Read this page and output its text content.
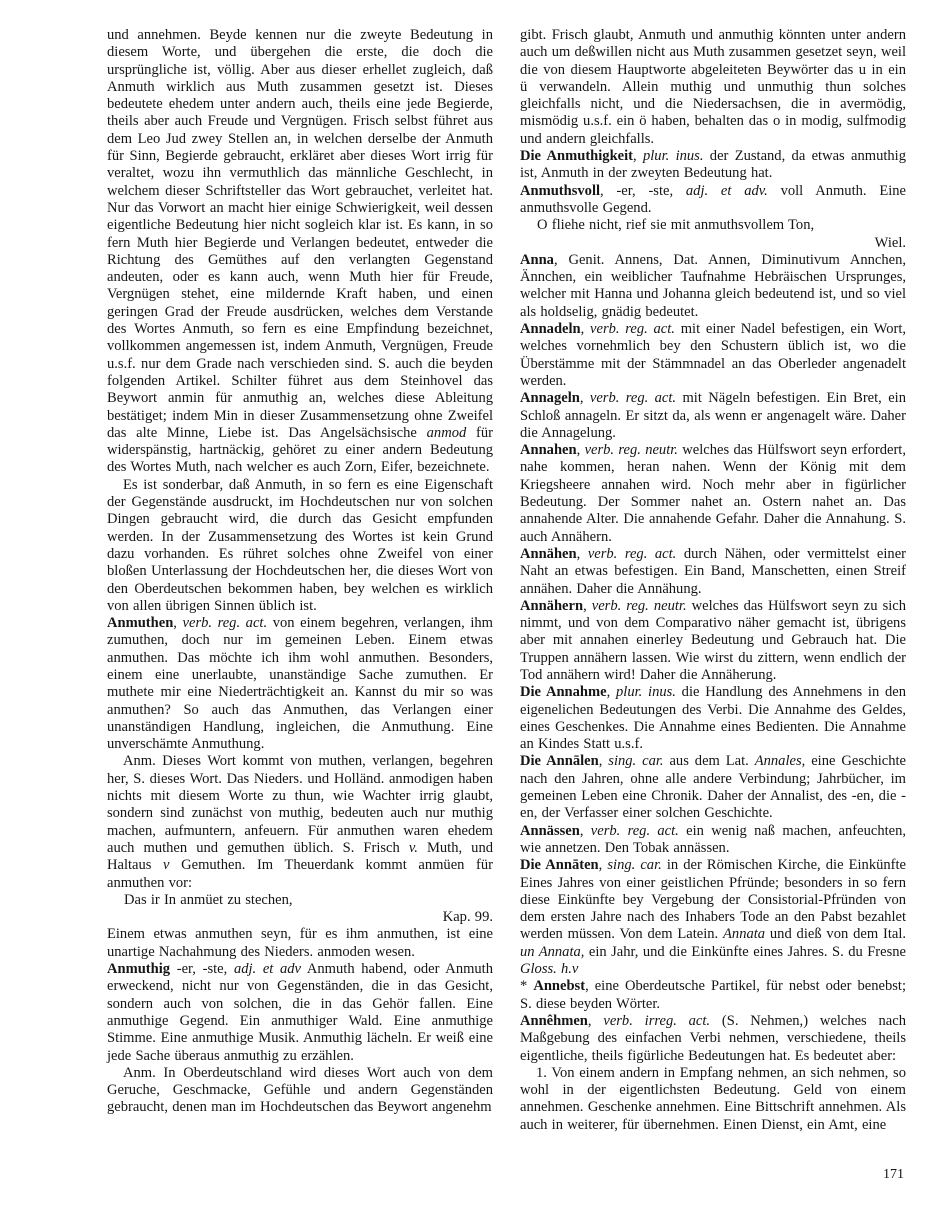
und annehmen. Beyde kennen nur die zweyte Bedeutung in diesem Worte, und übergehen die erste, die doch die ursprüngliche ist, völlig. Aber aus dieser erhellet zugleich, daß Anmuth wirklich aus Muth zusammen gesetzt ist. Dieses bedeutete ehedem unter andern auch, theils eine jede Begierde, theils aber auch Freude und Vergnügen. Frisch selbst führet aus dem Leo Jud zwey Stellen an, in welchen derselbe der Anmuth für Sinn, Begierde gebraucht, erkläret aber dieses Wort irrig für veraltet, wozu ihn vermuthlich das männliche Geschlecht, in welchem dieser Schriftsteller das Wort gebrauchet, verleitet hat. Nur das Vorwort an macht hier einige Schwierigkeit, weil dessen eigentliche Bedeutung hier nicht sogleich klar ist. Es kann, in so fern Muth hier Begierde und Verlangen bedeutet, entweder die Richtung des Gemüthes auf den verlangten Gegenstand andeuten, oder es kann auch, wenn Muth hier für Freude, Vergnügen stehet, eine mildernde Kraft haben, und einen geringen Grad der Freude ausdrücken, welches dem Verstande des Wortes Anmuth, so fern es eine Empfindung bezeichnet, vollkommen angemessen ist, indem Anmuth, Vergnügen, Freude u.s.f. nur dem Grade nach verschieden sind. S. auch die beyden folgenden Artikel. Schilter führet aus dem Steinhovel das Beywort anmin für anmuthig an, welches diese Ableitung bestätiget; indem Min in dieser Zusammensetzung ohne Zweifel das alte Minne, Liebe ist. Das Angelsächsische anmod für widerspänstig, hartnäckig, gehöret zu einer andern Bedeutung des Wortes Muth, nach welcher es auch Zorn, Eifer, bezeichnete.

Es ist sonderbar, daß Anmuth, in so fern es eine Eigenschaft der Gegenstände ausdruckt, im Hochdeutschen nur von solchen Dingen gebraucht wird, die durch das Gesicht empfunden werden. In der Zusammensetzung des Wortes ist kein Grund dazu vorhanden. Es rühret solches ohne Zweifel von einer bloßen Unterlassung der Hochdeutschen her, die dieses Wort von den Oberdeutschen bekommen haben, bey welchen es wirklich von allen übrigen Sinnen üblich ist.

Anmuthen, verb. reg. act. von einem begehren, verlangen, ihm zumuthen, doch nur im gemeinen Leben. Einem etwas anmuthen. Das möchte ich ihm wohl anmuthen. Besonders, einem eine unerlaubte, unanständige Sache zumuthen. Er muthete mir eine Niederträchtigkeit an. Kannst du mir so was anmuthen? So auch das Anmuthen, das Verlangen einer unanständigen Handlung, ingleichen, die Anmuthung. Eine unverschämte Anmuthung.

Anm. Dieses Wort kommt von muthen, verlangen, begehren her, S. dieses Wort. Das Nieders. und Holländ. anmodigen haben nichts mit diesem Worte zu thun, wie Wachter irrig glaubt, sondern sind zunächst von muthig, bedeuten auch nur muthig machen, aufmuntern, anfeuern. Für anmuthen waren ehedem auch muthen und gemuthen üblich. S. Frisch v. Muth, und Haltaus v Gemuthen. Im Theuerdank kommt anmüen für anmuthen vor:

Das ir In anmüet zu stechen,

Kap. 99.

Einem etwas anmuthen seyn, für es ihm anmuthen, ist eine unartige Nachahmung des Nieders. anmoden wesen.

Anmuthig -er, -ste, adj. et adv Anmuth habend, oder Anmuth erweckend, nicht nur von Gegenständen, die in das Gesicht, sondern auch von solchen, die in das Gehör fallen. Eine anmuthige Gegend. Ein anmuthiger Wald. Eine anmuthige Stimme. Eine anmuthige Musik. Anmuthig lächeln. Er weiß eine jede Sache überaus anmuthig zu erzählen.

Anm. In Oberdeutschland wird dieses Wort auch von dem Geruche, Geschmacke, Gefühle und andern Gegenständen gebraucht, denen man im Hochdeutschen das Beywort angenehm

gibt. Frisch glaubt, Anmuth und anmuthig könnten unter andern auch um deßwillen nicht aus Muth zusammen gesetzet seyn, weil die von diesem Hauptworte abgeleiteten Beywörter das u in ein ü verwandeln. Allein muthig und unmuthig thun solches gleichfalls nicht, und die Niedersachsen, die in avermödig, mismödig u.s.f. ein ö haben, behalten das o in modig, sulfmodig und andern gleichfalls.

Die Anmuthigkeit, plur. inus. der Zustand, da etwas anmuthig ist, Anmuth in der zweyten Bedeutung hat.

Anmuthsvoll, -er, -ste, adj. et adv. voll Anmuth. Eine anmuthsvolle Gegend.

O fliehe nicht, rief sie mit anmuthsvollem Ton,

Wiel.

Anna, Genit. Annens, Dat. Annen, Diminutivum Annchen, Ännchen, ein weiblicher Taufnahme Hebräischen Ursprunges, welcher mit Hanna und Johanna gleich bedeutend ist, und so viel als holdselig, gnädig bedeutet.

Annadeln, verb. reg. act. mit einer Nadel befestigen, ein Wort, welches vornehmlich bey den Schustern üblich ist, wo die Überstämme mit der Stämmnadel an das Oberleder angenadelt werden.

Annageln, verb. reg. act. mit Nägeln befestigen. Ein Bret, ein Schloß annageln. Er sitzt da, als wenn er angenagelt wäre. Daher die Annagelung.

Annahen, verb. reg. neutr. welches das Hülfswort seyn erfordert, nahe kommen, heran nahen. Wenn der König mit dem Kriegsheere annahen wird. Noch mehr aber in figürlicher Bedeutung. Der Sommer nahet an. Ostern nahet an. Das annahende Alter. Die annahende Gefahr. Daher die Annahung. S. auch Annähern.

Annähen, verb. reg. act. durch Nähen, oder vermittelst einer Naht an etwas befestigen. Ein Band, Manschetten, einen Streif annähen. Daher die Annähung.

Annähern, verb. reg. neutr. welches das Hülfswort seyn zu sich nimmt, und von dem Comparativo näher gemacht ist, übrigens aber mit annahen einerley Bedeutung und Gebrauch hat. Die Truppen annähern lassen. Wie wirst du zittern, wenn endlich der Tod annähern wird! Daher die Annäherung.

Die Annahme, plur. inus. die Handlung des Annehmens in den eigenelichen Bedeutungen des Verbi. Die Annahme des Geldes, eines Geschenkes. Die Annahme eines Bedienten. Die Annahme an Kindes Statt u.s.f.

Die Annālen, sing. car. aus dem Lat. Annales, eine Geschichte nach den Jahren, ohne alle andere Verbindung; Jahrbücher, im gemeinen Leben eine Chronik. Daher der Annalist, des -en, die -en, der Verfasser einer solchen Geschichte.

Annässen, verb. reg. act. ein wenig naß machen, anfeuchten, wie annetzen. Den Tobak annässen.

Die Annāten, sing. car. in der Römischen Kirche, die Einkünfte Eines Jahres von einer geistlichen Pfründe; besonders in so fern diese Einkünfte bey Vergebung der Consistorial-Pfründen von dem ersten Jahre nach des Inhabers Tode an den Pabst bezahlet werden müssen. Von dem Latein. Annata und dieß von dem Ital. un Annata, ein Jahr, und die Einkünfte eines Jahres. S. du Fresne Gloss. h.v

* Annebst, eine Oberdeutsche Partikel, für nebst oder benebst; S. diese beyden Wörter.

Annêhmen, verb. irreg. act. (S. Nehmen,) welches nach Maßgebung des einfachen Verbi nehmen, verschiedene, theils eigentliche, theils figürliche Bedeutungen hat. Es bedeutet aber:

1. Von einem andern in Empfang nehmen, an sich nehmen, so wohl in der eigentlichsten Bedeutung. Geld von einem annehmen. Geschenke annehmen. Eine Bittschrift annehmen. Als auch in weiterer, für übernehmen. Einen Dienst, ein Amt, eine

171
